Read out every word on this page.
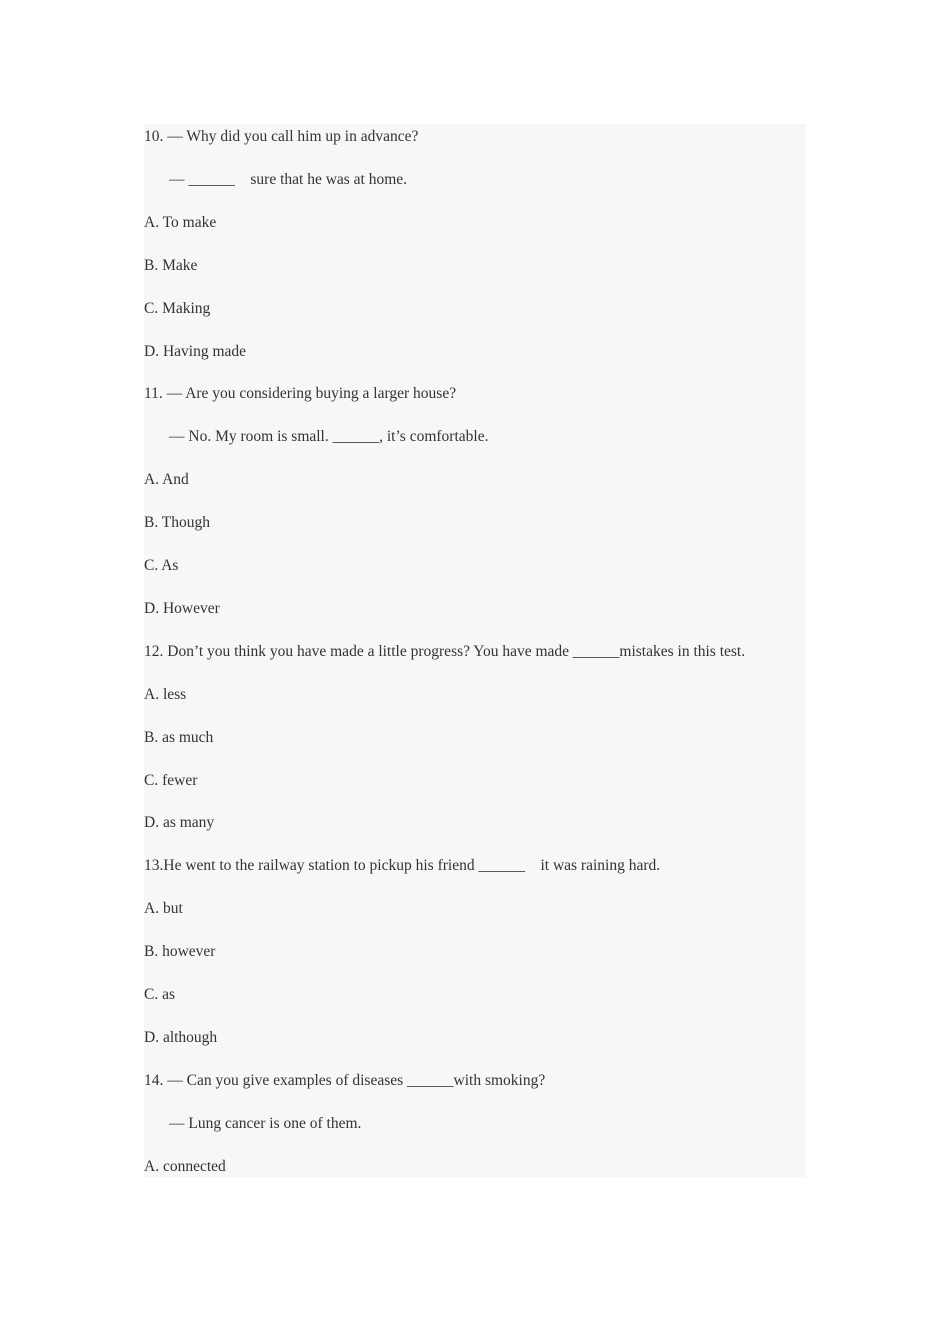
10. — Why did you call him up in advance?
— ______　sure that he was at home.
A. To make
B. Make
C. Making
D. Having made
11. — Are you considering buying a larger house?
— No. My room is small. ______, it’s comfortable.
A. And
B. Though
C. As
D. However
12. Don’t you think you have made a little progress? You have made ______mistakes in this test.
A. less
B. as much
C. fewer
D. as many
13.He went to the railway station to pickup his friend ______　it was raining hard.
A. but
B. however
C. as
D. although
14. — Can you give examples of diseases ______with smoking?
— Lung cancer is one of them.
A. connected
